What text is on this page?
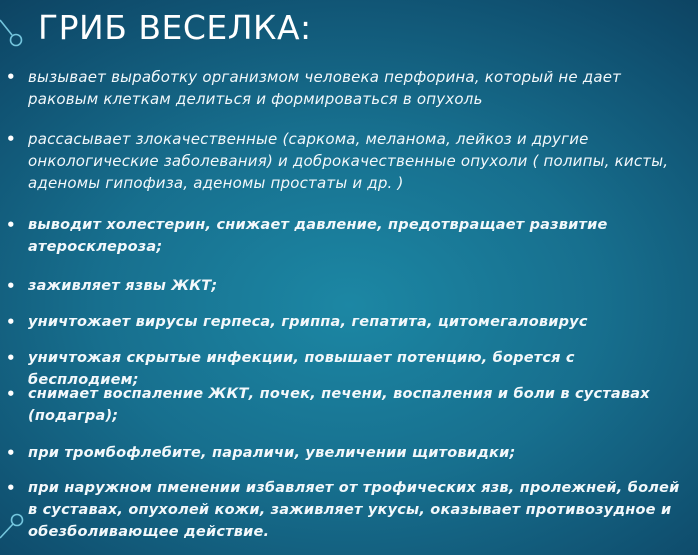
ГРИБ ВЕСЕЛКА:
• вызывает выработку организмом человека перфорина, который не дает раковым клеткам делиться и формироваться в опухоль
• рассасывает злокачественные (саркома, меланома, лейкоз и другие онкологические заболевания) и доброкачественные опухоли ( полипы, кисты, аденомы гипофиза, аденомы простаты и др. )
• выводит холестерин, снижает давление, предотвращает развитие атеросклероза;
• заживляет язвы ЖКТ;
• уничтожает вирусы герпеса, гриппа, гепатита, цитомегаловирус
• уничтожая скрытые инфекции, повышает потенцию, борется с бесплодием;
• снимает воспаление ЖКТ, почек, печени, воспаления и боли в суставах (подагра);
• при тромбофлебите, параличи, увеличении щитовидки;
• при наружном пменении избавляет от трофических язв, пролежней, болей в суставах, опухолей кожи, заживляет укусы, оказывает противозудное и обезболивающее действие.
